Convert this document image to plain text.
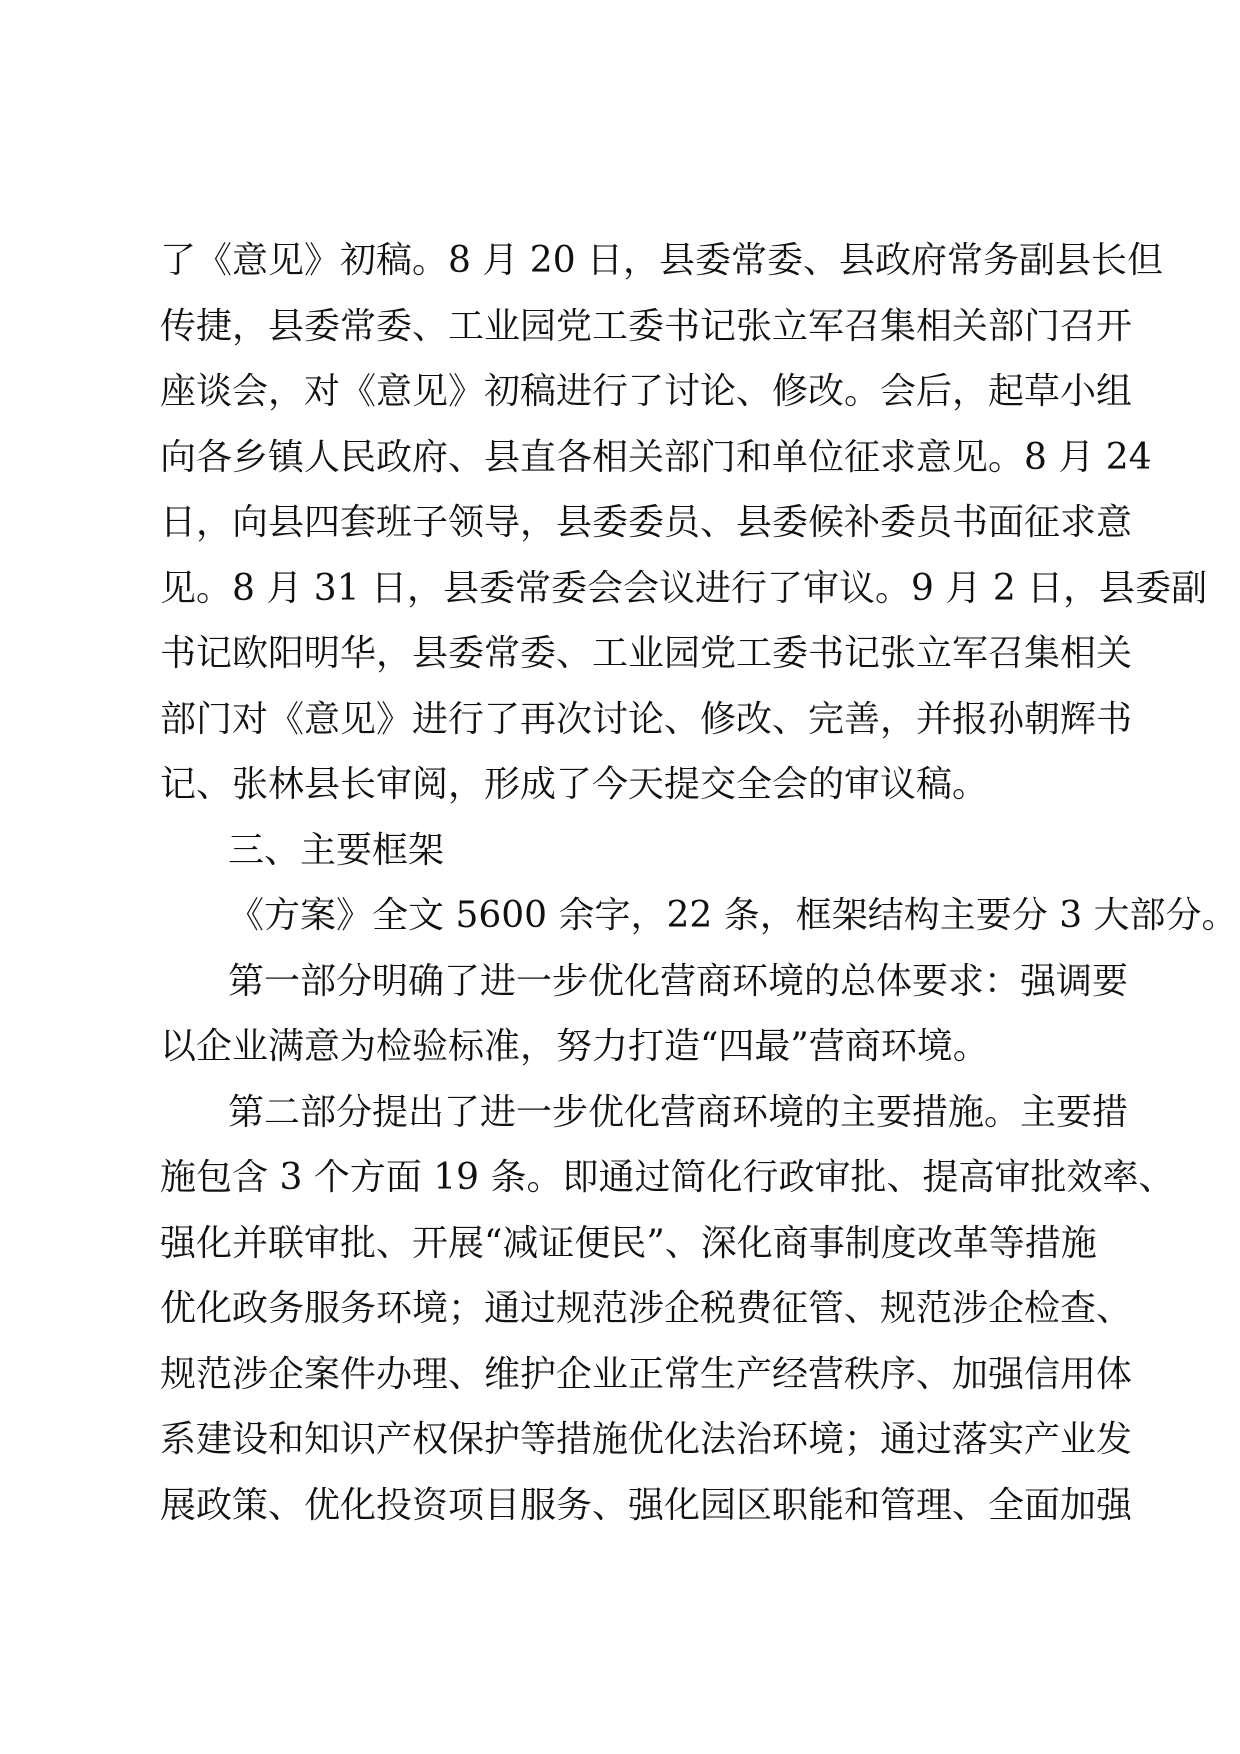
了《意见》初稿。8 月 20 日，县委常委、县政府常务副县长但
传捷，县委常委、工业园党工委书记张立军召集相关部门召开
座谈会，对《意见》初稿进行了讨论、修改。会后，起草小组
向各乡镇人民政府、县直各相关部门和单位征求意见。8 月 24
日，向县四套班子领导，县委委员、县委候补委员书面征求意
见。8 月 31 日，县委常委会会议进行了审议。9 月 2 日，县委副
书记欧阳明华，县委常委、工业园党工委书记张立军召集相关
部门对《意见》进行了再次讨论、修改、完善，并报孙朝辉书
记、张林县长审阅，形成了今天提交全会的审议稿。
三、主要框架
《方案》全文 5600 余字，22 条，框架结构主要分 3 大部分。
第一部分明确了进一步优化营商环境的总体要求：强调要
以企业满意为检验标准，努力打造“四最”营商环境。
第二部分提出了进一步优化营商环境的主要措施。主要措
施包含 3 个方面 19 条。即通过简化行政审批、提高审批效率、
强化并联审批、开展“减证便民”、深化商事制度改革等措施
优化政务服务环境；通过规范涉企税费征管、规范涉企检查、
规范涉企案件办理、维护企业正常生产经营秩序、加强信用体
系建设和知识产权保护等措施优化法治环境；通过落实产业发
展政策、优化投资项目服务、强化园区职能和管理、全面加强
